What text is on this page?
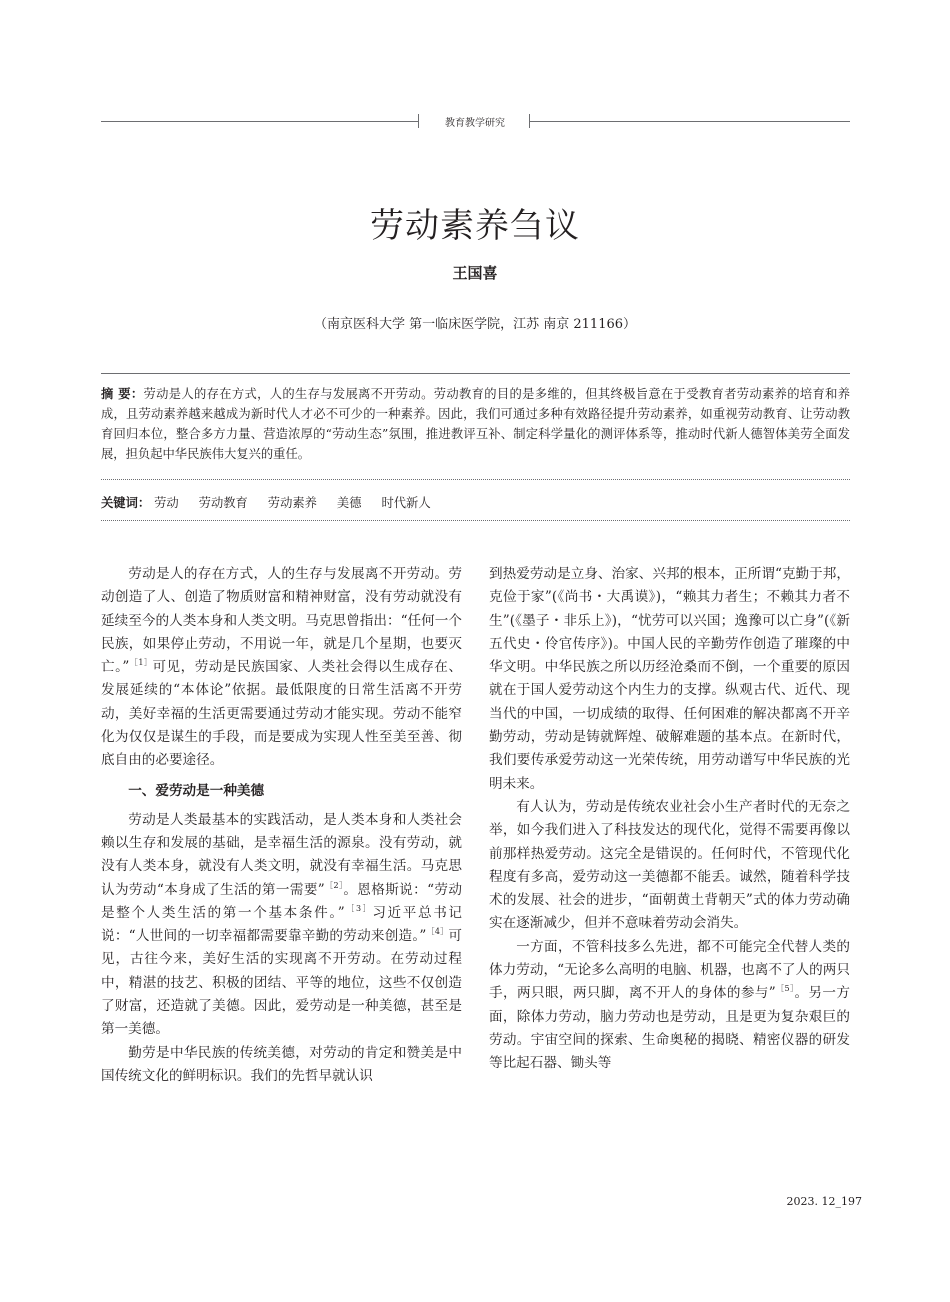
教育教学研究
劳动素养刍议
王国喜
（南京医科大学 第一临床医学院，江苏 南京 211166）
摘 要：劳动是人的存在方式，人的生存与发展离不开劳动。劳动教育的目的是多维的，但其终极旨意在于受教育者劳动素养的培育和养成，且劳动素养越来越成为新时代人才必不可少的一种素养。因此，我们可通过多种有效路径提升劳动素养，如重视劳动教育、让劳动教育回归本位，整合多方力量、营造浓厚的“劳动生态”氛围，推进教评互补、制定科学量化的测评体系等，推动时代新人德智体美劳全面发展，担负起中华民族伟大复兴的重任。
关键词： 劳动 劳动教育 劳动素养 美德 时代新人

劳动是人的存在方式，人的生存与发展离不开劳动。劳动创造了人、创造了物质财富和精神财富，没有劳动就没有延续至今的人类本身和人类文明。马克思曾指出：“任何一个民族，如果停止劳动，不用说一年，就是几个星期，也要灭亡。”$^{[1]}$可见，劳动是民族国家、人类社会得以生成存在、发展延续的“本体论”依据。最低限度的日常生活离不开劳动，美好幸福的生活更需要通过劳动才能实现。劳动不能窄化为仅仅是谋生的手段，而是要成为实现人性至美至善、彻底自由的必要途径。

一、爱劳动是一种美德

劳动是人类最基本的实践活动，是人类本身和人类社会赖以生存和发展的基础，是幸福生活的源泉。没有劳动，就没有人类本身，就没有人类文明，就没有幸福生活。马克思认为劳动“本身成了生活的第一需要”$^{[2]}$。恩格斯说：“劳动是整个人类生活的第一个基本条件。”$^{[3]}$习近平总书记说：“人世间的一切幸福都需要靠辛勤的劳动来创造。”$^{[4]}$可见，古往今来，美好生活的实现离不开劳动。在劳动过程中，精湛的技艺、积极的团结、平等的地位，这些不仅创造了财富，还造就了美德。因此，爱劳动是一种美德，甚至是第一美德。

勤劳是中华民族的传统美德，对劳动的肯定和赞美是中国传统文化的鲜明标识。我们的先哲早就认识

到热爱劳动是立身、治家、兴邦的根本，正所谓“克勤于邦，克俭于家”(《尚书・大禹谟》)，“赖其力者生；不赖其力者不生”(《墨子・非乐上》)，“忧劳可以兴国；逸豫可以亡身”(《新五代史・伶官传序》)。中国人民的辛勤劳作创造了璀璨的中华文明。中华民族之所以历经沧桑而不倒，一个重要的原因就在于国人爱劳动这个内生力的支撑。纵观古代、近代、现当代的中国，一切成绩的取得、任何困难的解决都离不开辛勤劳动，劳动是铸就辉煌、破解难题的基本点。在新时代，我们要传承爱劳动这一光荣传统，用劳动谱写中华民族的光明未来。

有人认为，劳动是传统农业社会小生产者时代的无奈之举，如今我们进入了科技发达的现代化，觉得不需要再像以前那样热爱劳动。这完全是错误的。任何时代，不管现代化程度有多高，爱劳动这一美德都不能丢。诚然，随着科学技术的发展、社会的进步，“面朝黄土背朝天”式的体力劳动确实在逐渐减少，但并不意味着劳动会消失。

一方面，不管科技多么先进，都不可能完全代替人类的体力劳动，“无论多么高明的电脑、机器，也离不了人的两只手，两只眼，两只脚，离不开人的身体的参与”$^{[5]}$。另一方面，除体力劳动，脑力劳动也是劳动，且是更为复杂艰巨的劳动。宇宙空间的探索、生命奥秘的揭晓、精密仪器的研发等比起石器、锄头等

2023. 12_197
